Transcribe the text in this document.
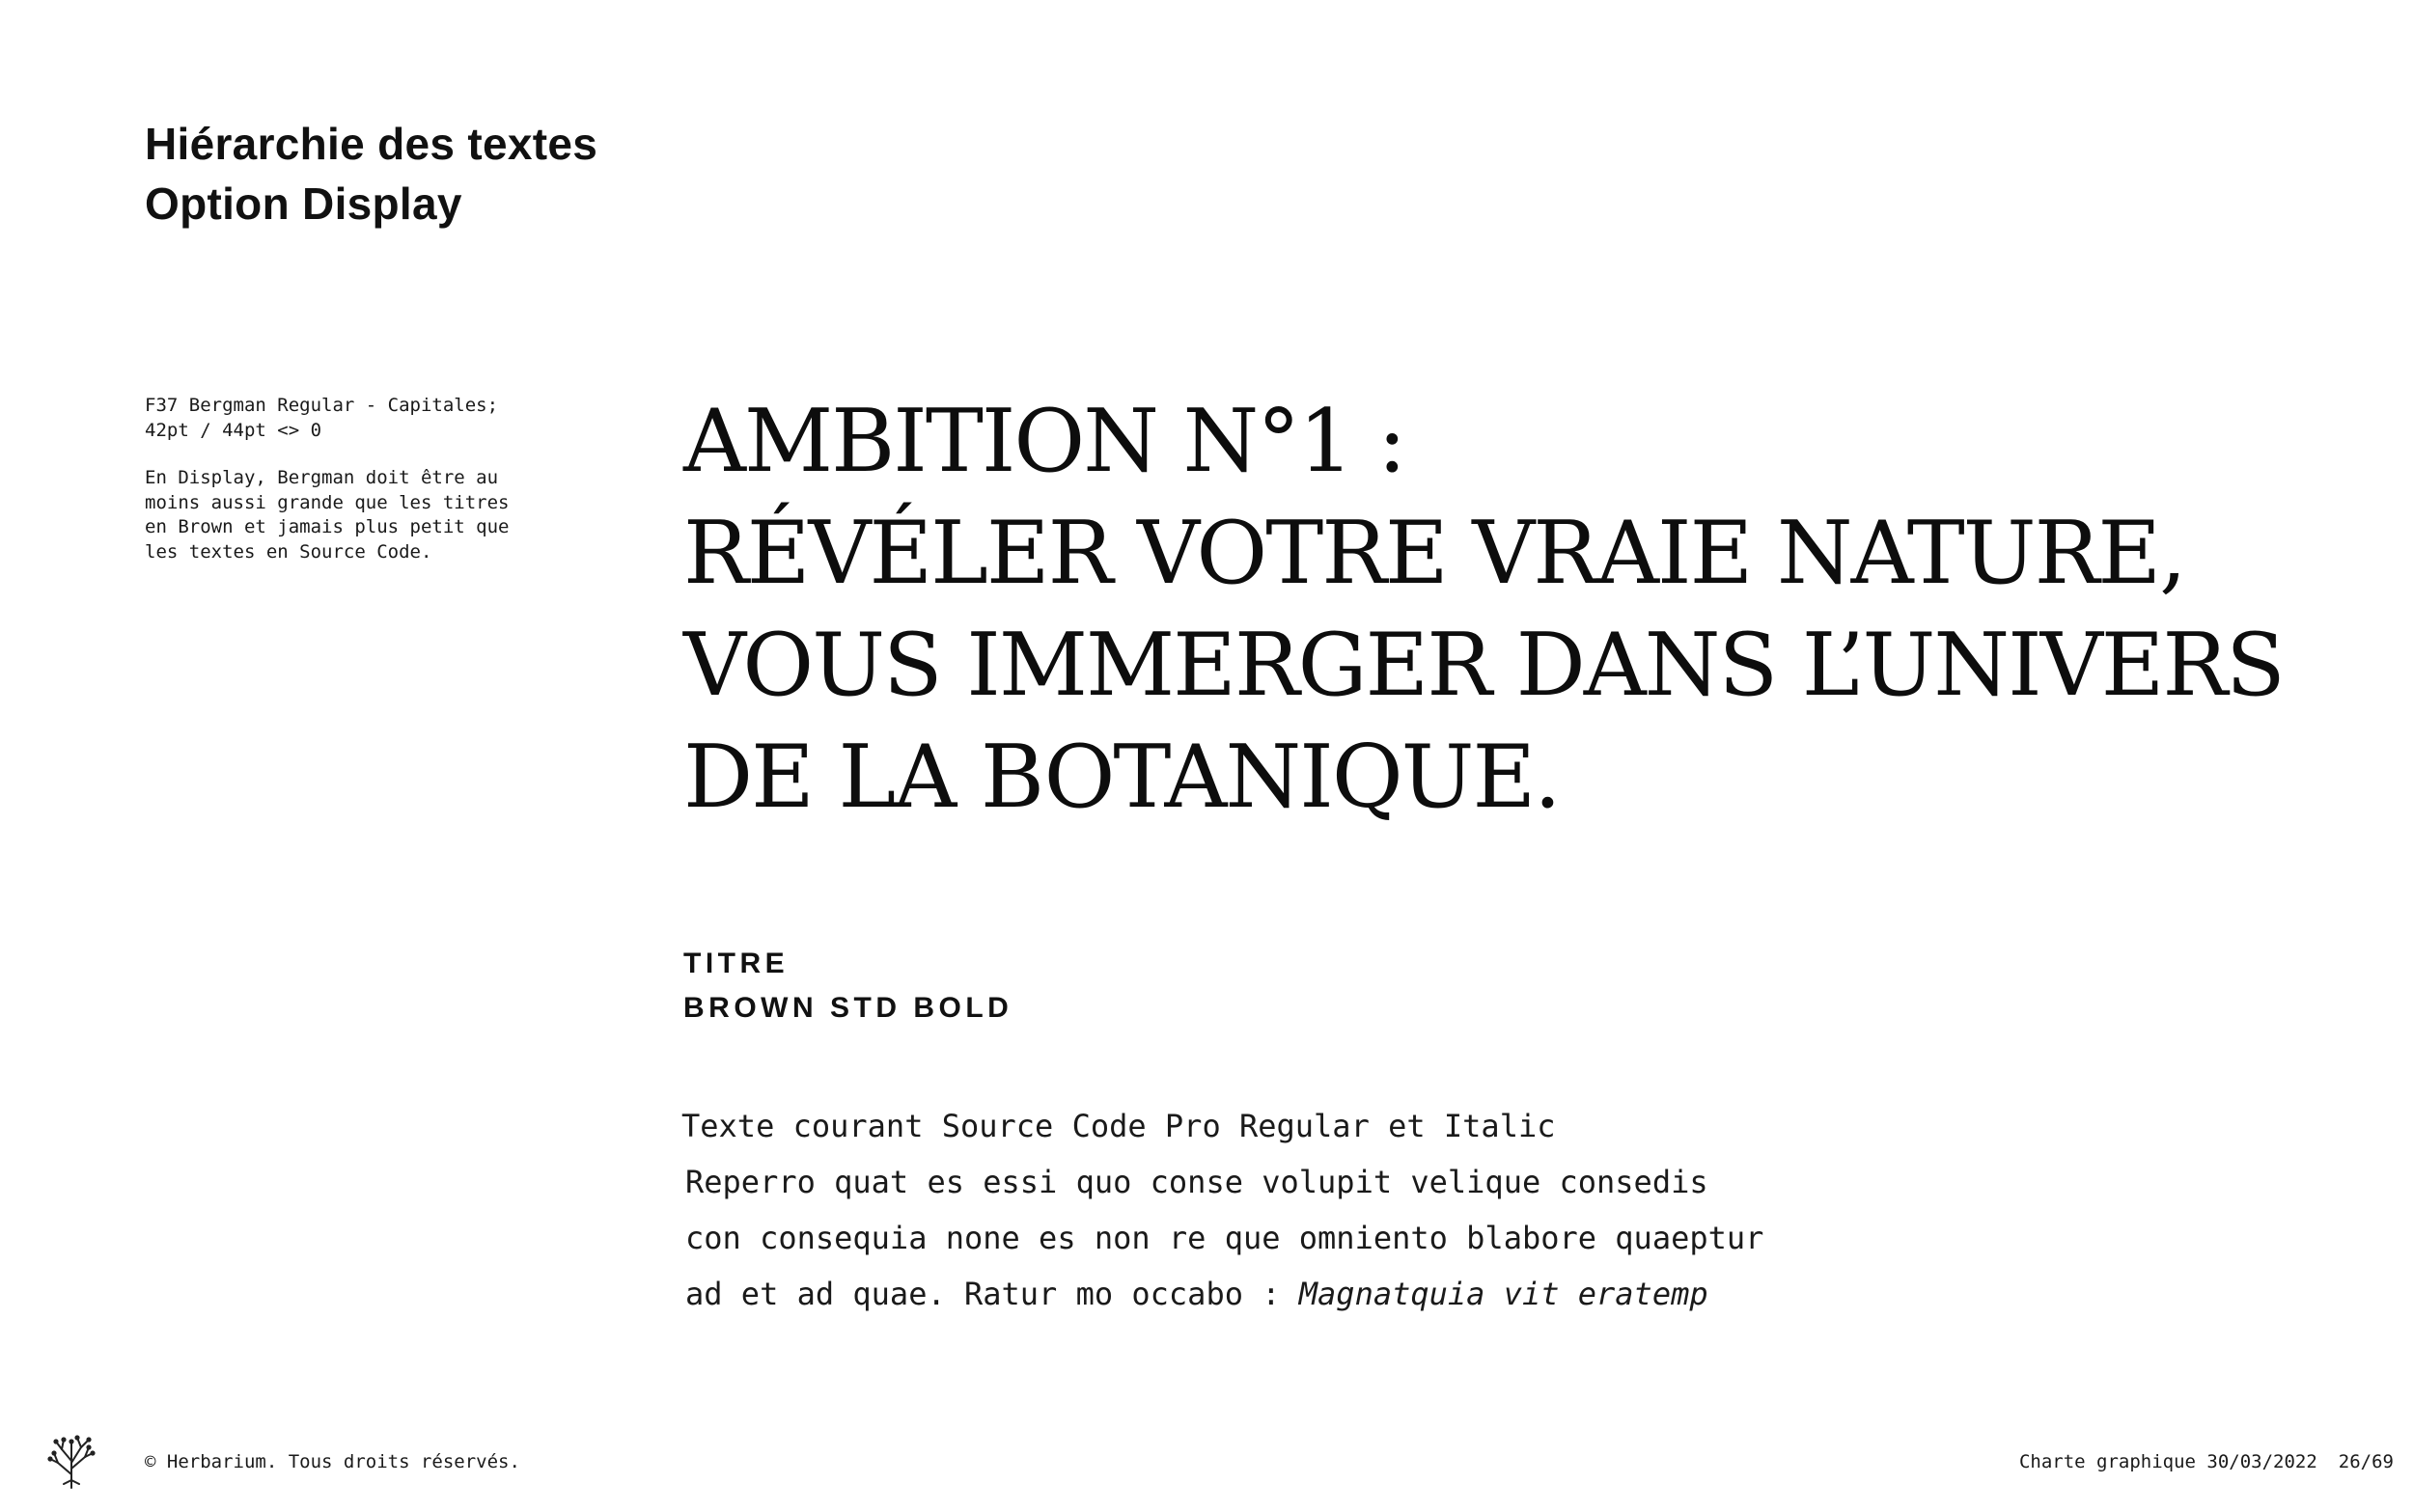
Hiérarchie des textes
Option Display

F37 Bergman Regular - Capitales;
42pt / 44pt <> 0

En Display, Bergman doit être au
moins aussi grande que les titres
en Brown et jamais plus petit que
les textes en Source Code.

AMBITION N°1 :
RÉVÉLER VOTRE VRAIE NATURE,
VOUS IMMERGER DANS L’UNIVERS
DE LA BOTANIQUE.
TITRE
BROWN STD BOLD
Texte courant Source Code Pro Regular et Italic
Reperro quat es essi quo conse volupit velique consedis
con consequia none es non re que omniento blabore quaeptur
ad et ad quae. Ratur mo occabo : Magnatquia vit eratemp
© Herbarium. Tous droits réservés.	Charte graphique 30/03/2022 26/69
